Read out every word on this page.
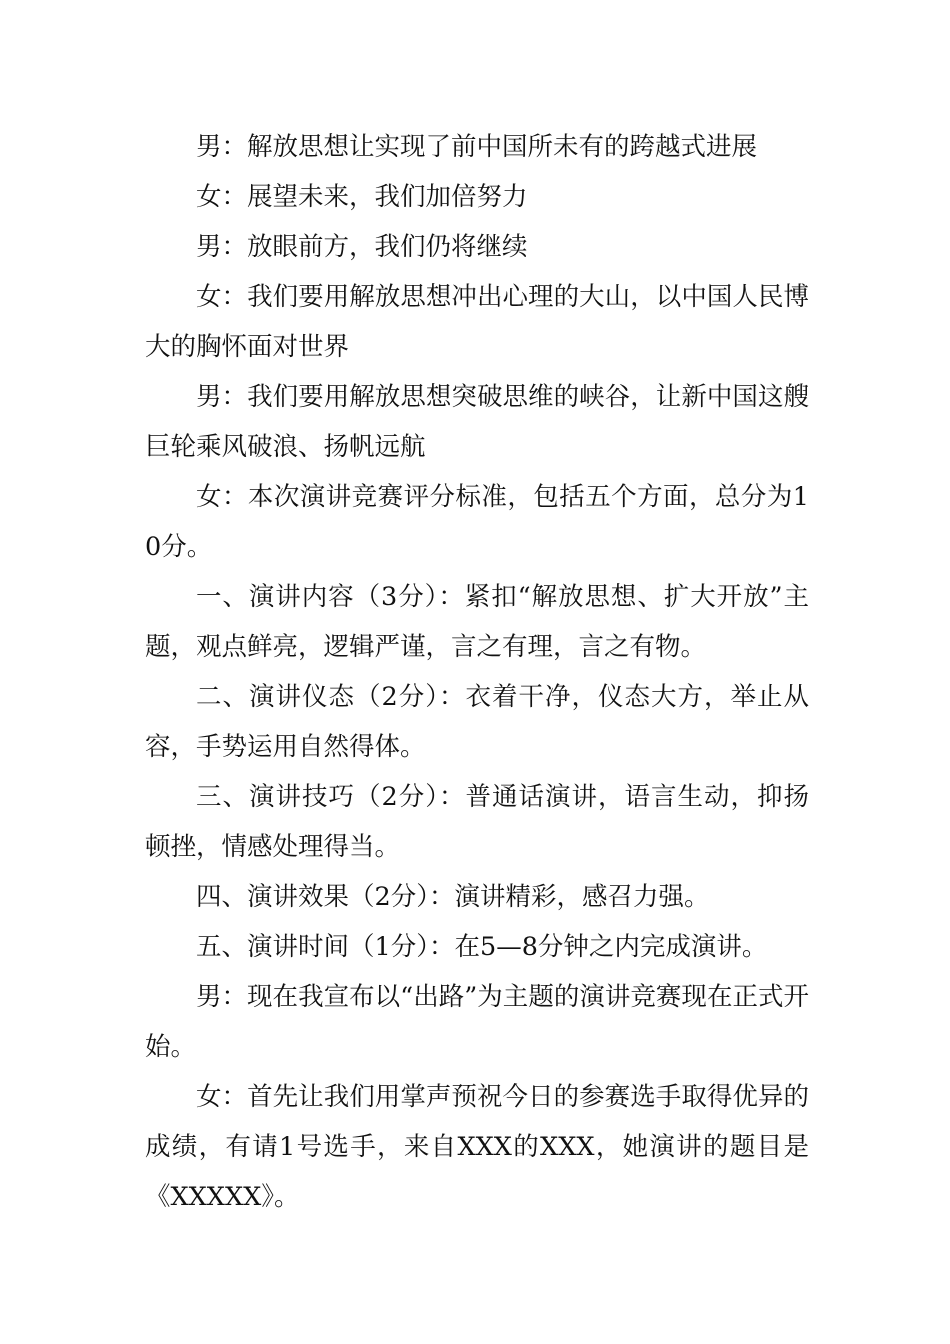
男：解放思想让实现了前中国所未有的跨越式进展

女：展望未来，我们加倍努力

男：放眼前方，我们仍将继续

女：我们要用解放思想冲出心理的大山，以中国人民博大的胸怀面对世界

男：我们要用解放思想突破思维的峡谷，让新中国这艘巨轮乘风破浪、扬帆远航

女：本次演讲竞赛评分标准，包括五个方面，总分为10分。

一、演讲内容（3分）：紧扣“解放思想、扩大开放”主题，观点鲜亮，逻辑严谨，言之有理，言之有物。

二、演讲仪态（2分）：衣着干净，仪态大方，举止从容，手势运用自然得体。

三、演讲技巧（2分）：普通话演讲，语言生动，抑扬顿挫，情感处理得当。

四、演讲效果（2分）：演讲精彩，感召力强。

五、演讲时间（1分）：在5—8分钟之内完成演讲。

男：现在我宣布以“出路”为主题的演讲竞赛现在正式开始。

女：首先让我们用掌声预祝今日的参赛选手取得优异的成绩，有请1号选手，来自XXX的XXX，她演讲的题目是《XXXXX》。
